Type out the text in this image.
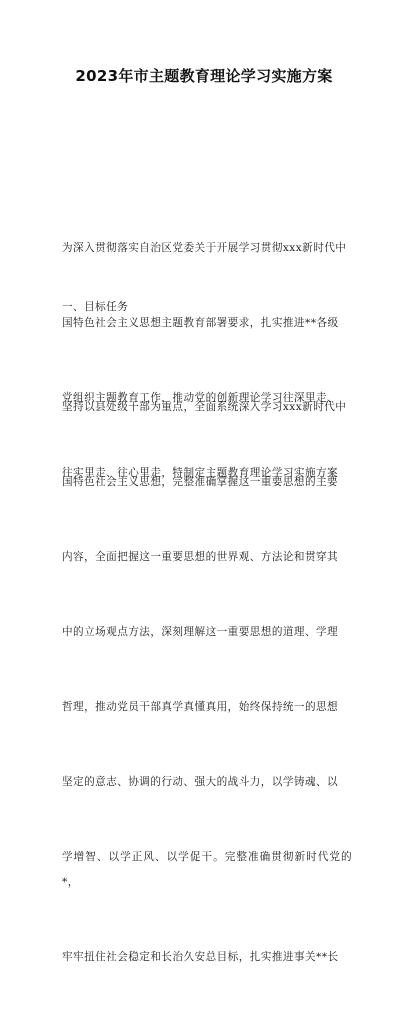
2023年市主题教育理论学习实施方案

为深入贯彻落实自治区党委关于开展学习贯彻xxx新时代中

国特色社会主义思想主题教育部署要求，扎实推进**各级

党组织主题教育工作，推动党的创新理论学习往深里走、

往实里走、往心里走，特制定主题教育理论学习实施方案

一、目标任务

坚持以县处级干部为重点，全面系统深入学习xxx新时代中

国特色社会主义思想，完整准确掌握这一重要思想的主要

内容，全面把握这一重要思想的世界观、方法论和贯穿其

中的立场观点方法，深刻理解这一重要思想的道理、学理

哲理，推动党员干部真学真懂真用，始终保持统一的思想

坚定的意志、协调的行动、强大的战斗力，以学铸魂、以

学增智、以学正风、以学促干。完整准确贯彻新时代党的*，

牢牢扭住社会稳定和长治久安总目标，扎实推进事关**长
